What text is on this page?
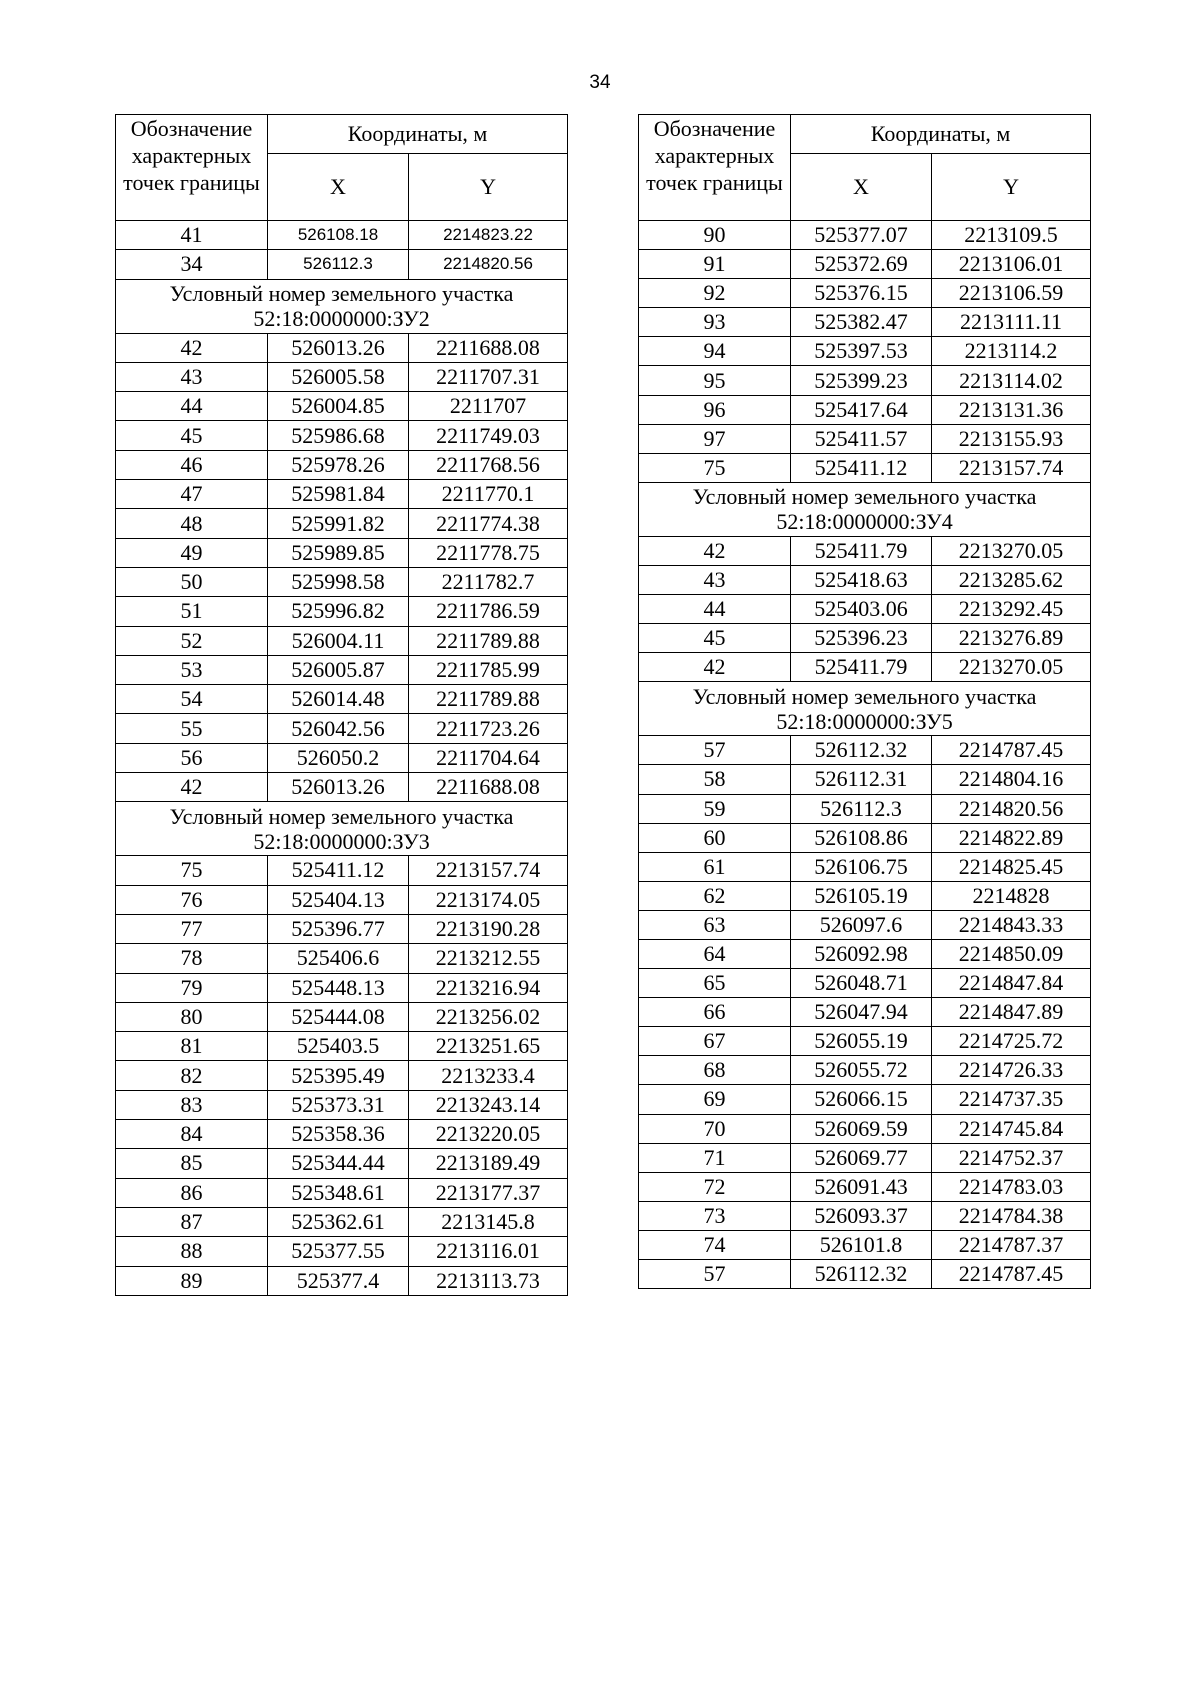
34
Обозначение характерных точек границы	Координаты, м	
	X	Y
41	526108.18	2214823.22
34	526112.3	2214820.56
Условный номер земельного участка 52:18:0000000:ЗУ2		
42	526013.26	2211688.08
43	526005.58	2211707.31
44	526004.85	2211707
45	525986.68	2211749.03
46	525978.26	2211768.56
47	525981.84	2211770.1
48	525991.82	2211774.38
49	525989.85	2211778.75
50	525998.58	2211782.7
51	525996.82	2211786.59
52	526004.11	2211789.88
53	526005.87	2211785.99
54	526014.48	2211789.88
55	526042.56	2211723.26
56	526050.2	2211704.64
42	526013.26	2211688.08
Условный номер земельного участка 52:18:0000000:ЗУ3		
75	525411.12	2213157.74
76	525404.13	2213174.05
77	525396.77	2213190.28
78	525406.6	2213212.55
79	525448.13	2213216.94
80	525444.08	2213256.02
81	525403.5	2213251.65
82	525395.49	2213233.4
83	525373.31	2213243.14
84	525358.36	2213220.05
85	525344.44	2213189.49
86	525348.61	2213177.37
87	525362.61	2213145.8
88	525377.55	2213116.01
89	525377.4	2213113.73
Обозначение характерных точек границы	Координаты, м	
	X	Y
90	525377.07	2213109.5
91	525372.69	2213106.01
92	525376.15	2213106.59
93	525382.47	2213111.11
94	525397.53	2213114.2
95	525399.23	2213114.02
96	525417.64	2213131.36
97	525411.57	2213155.93
75	525411.12	2213157.74
Условный номер земельного участка 52:18:0000000:ЗУ4		
42	525411.79	2213270.05
43	525418.63	2213285.62
44	525403.06	2213292.45
45	525396.23	2213276.89
42	525411.79	2213270.05
Условный номер земельного участка 52:18:0000000:ЗУ5		
57	526112.32	2214787.45
58	526112.31	2214804.16
59	526112.3	2214820.56
60	526108.86	2214822.89
61	526106.75	2214825.45
62	526105.19	2214828
63	526097.6	2214843.33
64	526092.98	2214850.09
65	526048.71	2214847.84
66	526047.94	2214847.89
67	526055.19	2214725.72
68	526055.72	2214726.33
69	526066.15	2214737.35
70	526069.59	2214745.84
71	526069.77	2214752.37
72	526091.43	2214783.03
73	526093.37	2214784.38
74	526101.8	2214787.37
57	526112.32	2214787.45
